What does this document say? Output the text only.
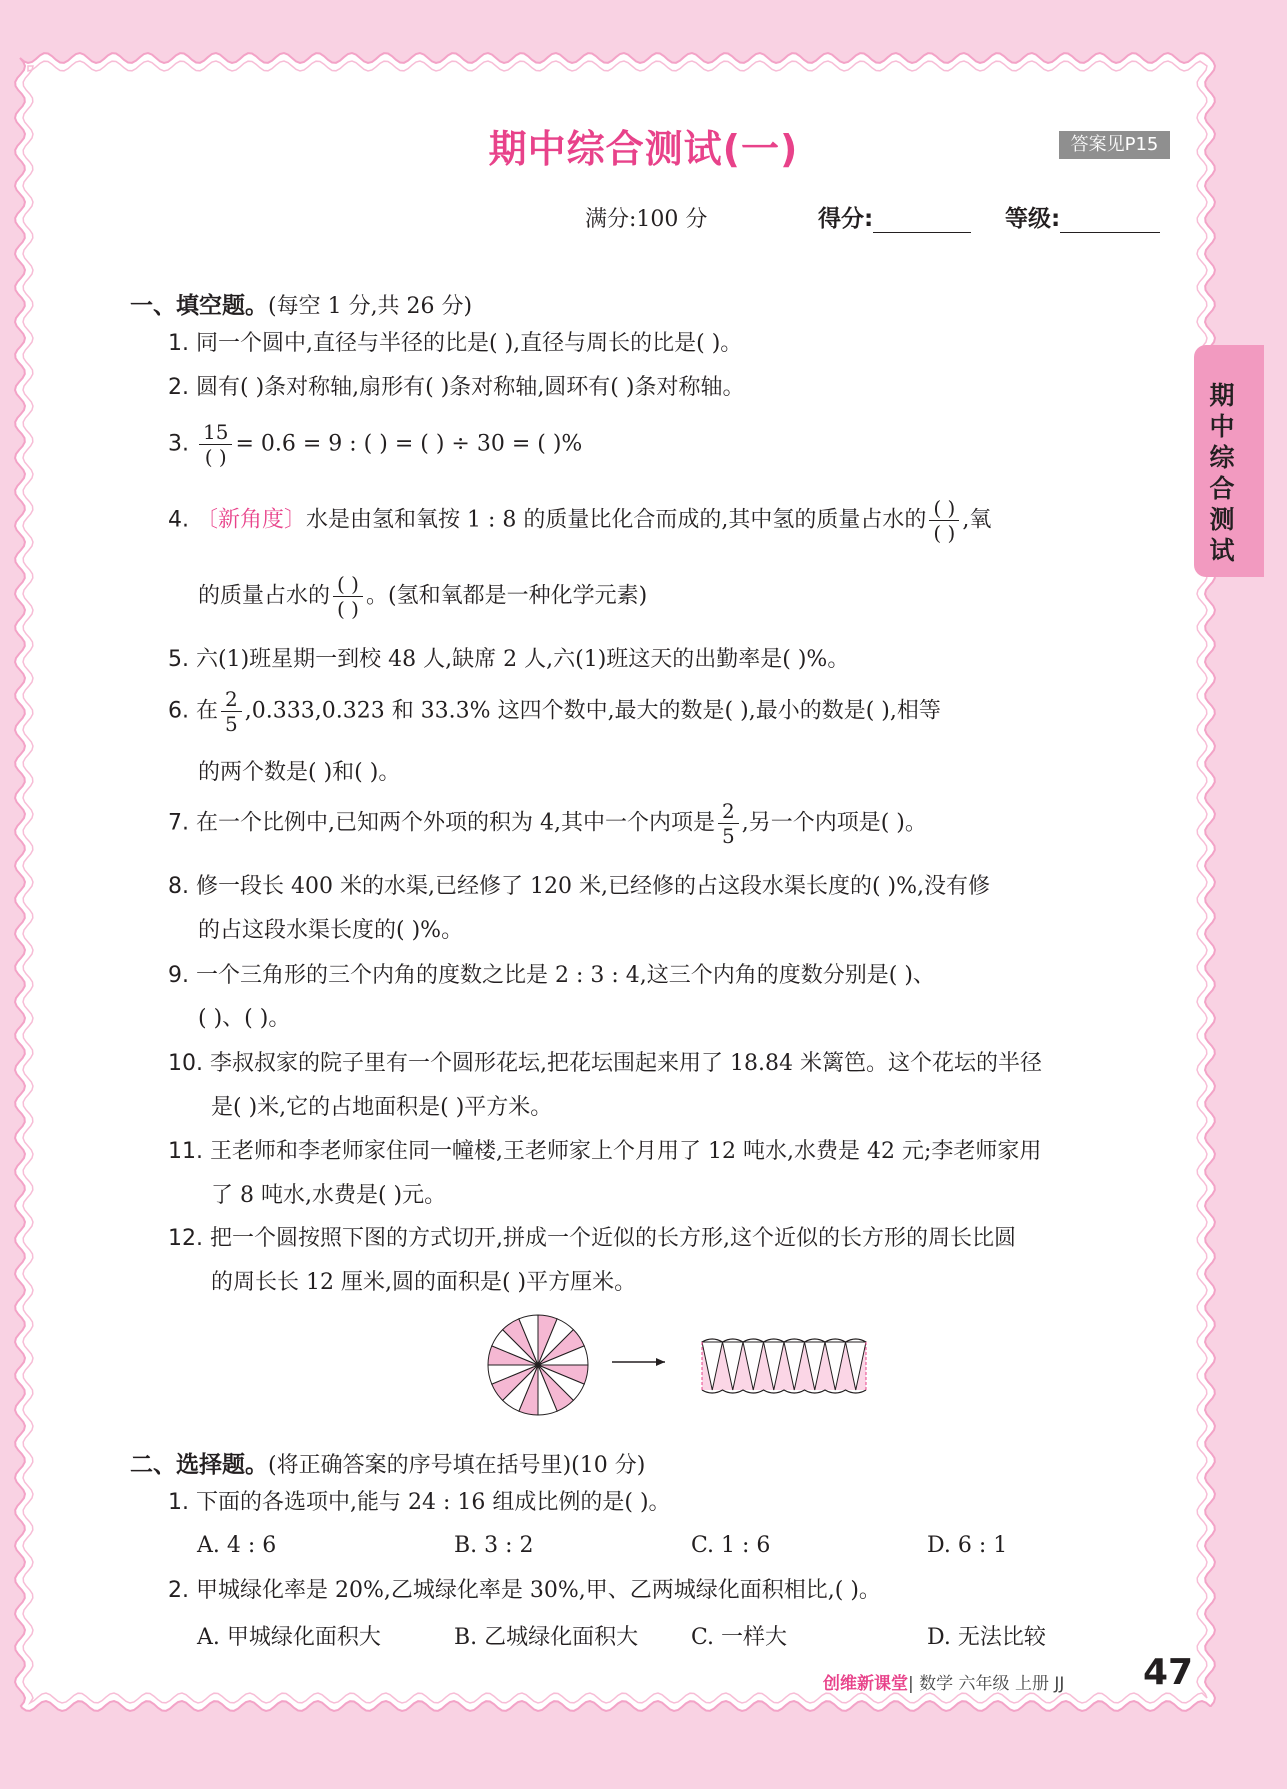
期中综合测试(一)	答案见P15
满分:100 分	得分:	等级:
期中综合测试
一、填空题。(每空 1 分,共 26 分)
1. 同一个圆中,直径与半径的比是( ),直径与周长的比是( )。
2. 圆有( )条对称轴,扇形有( )条对称轴,圆环有( )条对称轴。
3. $\frac{15}{( )} = 0.6 = 9$ : ( ) = ( ) ÷ 30 = ( )%
4. 〔新角度〕水是由氢和氧按 1 : 8 的质量比化合而成的,其中氢的质量占水的 $\frac{( )}{( )}$ ,氧
的质量占水的 $\frac{( )}{( )}$ 。(氢和氧都是一种化学元素)
5. 六(1)班星期一到校 48 人,缺席 2 人,六(1)班这天的出勤率是( )%。
6. 在 $\frac{2}{5} ,0.333,0.323$ 和 33.3% 这四个数中,最大的数是( ),最小的数是( ),相等
的两个数是( )和( )。
7. 在一个比例中,已知两个外项的积为 4,其中一个内项是 $\frac{2}{5}$ ,另一个内项是( )。
8. 修一段长 400 米的水渠,已经修了 120 米,已经修的占这段水渠长度的( )%,没有修
的占这段水渠长度的( )%。
9. 一个三角形的三个内角的度数之比是 2 : 3 : 4,这三个内角的度数分别是( )、
( )、( )。
10. 李叔叔家的院子里有一个圆形花坛,把花坛围起来用了 18.84 米篱笆。这个花坛的半径
是( )米,它的占地面积是( )平方米。
11. 王老师和李老师家住同一幢楼,王老师家上个月用了 12 吨水,水费是 42 元;李老师家用
了 8 吨水,水费是( )元。
12. 把一个圆按照下图的方式切开,拼成一个近似的长方形,这个近似的长方形的周长比圆
的周长长 12 厘米,圆的面积是( )平方厘米。
二、选择题。(将正确答案的序号填在括号里)(10 分)
1. 下面的各选项中,能与 24 : 16 组成比例的是( )。
A. 4 : 6	B. 3 : 2	C. 1 : 6	D. 6 : 1
2. 甲城绿化率是 20%,乙城绿化率是 30%,甲、乙两城绿化面积相比,( )。
A. 甲城绿化面积大	B. 乙城绿化面积大 C. 一样大	D. 无法比较
创维新课堂| 数学 六年级 上册 JJ 47
